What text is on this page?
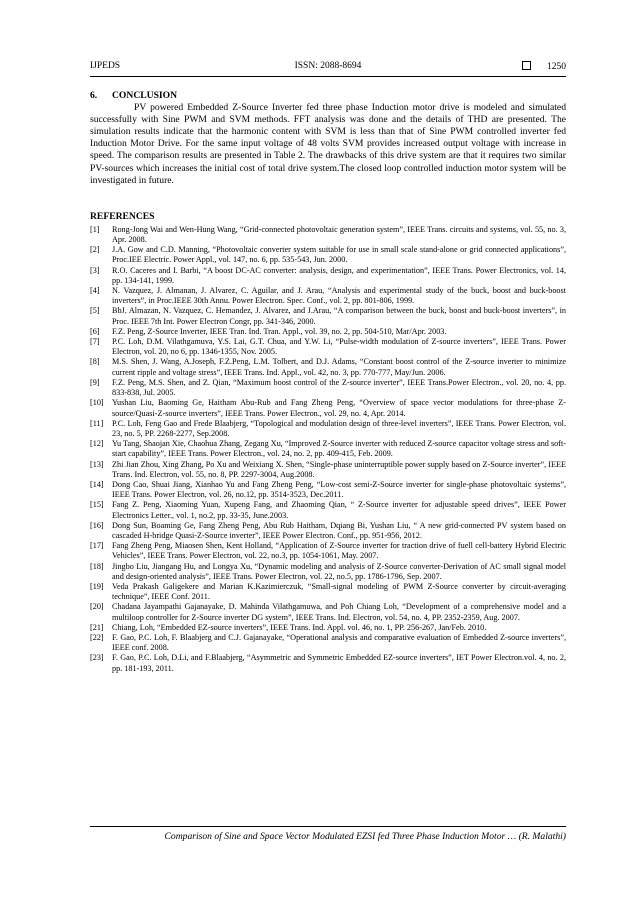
IJPEDS	ISSN: 2088-8694	1250

6. CONCLUSION

PV powered Embedded Z-Source Inverter fed three phase Induction motor drive is modeled and simulated successfully with Sine PWM and SVM methods. FFT analysis was done and the details of THD are presented. The simulation results indicate that the harmonic content with SVM is less than that of Sine PWM controlled inverter fed Induction Motor Drive. For the same input voltage of 48 volts SVM provides increased output voltage with increase in speed. The comparison results are presented in Table 2. The drawbacks of this drive system are that it requires two similar PV-sources which increases the initial cost of total drive system.The closed loop controlled induction motor system will be investigated in future.

REFERENCES

[1] Rong-Jong Wai and Wen-Hung Wang, “Grid-connected photovoltaic generation system”, IEEE Trans. circuits and systems, vol. 55, no. 3, Apr. 2008.

[2] J.A. Gow and C.D. Manning, “Photovoltaic converter system suitable for use in small scale stand-alone or grid connected applications”, Proc.IEE Electric. Power Appl., vol. 147, no. 6, pp. 535-543, Jun. 2000.

[3] R.O. Caceres and I. Barbi, “A boost DC-AC converter: analysis, design, and experimentation”, IEEE Trans. Power Electronics, vol. 14, pp. 134-141, 1999.

[4] N. Vazquez, J. Almanan, J. Alvarez, C. Aguilar, and J. Arau, “Analysis and experimental study of the buck, boost and buck-boost inverters”, in Proc.IEEE 30th Annu. Power Electron. Spec. Conf., vol. 2, pp. 801-806, 1999.

[5] BbJ. Almazan, N. Vazquez, C. Hemandez, J. Alvarez, and J.Arau, “A comparison between the buck, boost and buck-boost inverters”, in Proc. IEEE 7th Int. Power Electron Congr, pp. 341-346, 2000.

[6] F.Z. Peng, Z-Source Inverter, IEEE Tran. Ind. Tran. Appl., vol. 39, no. 2, pp. 504-510, Mar/Apr. 2003.

[7] P.C. Loh, D.M. Vilathgamuva, Y.S. Lai, G.T. Chua, and Y.W. Li, “Pulse-width modulation of Z-source inverters”, IEEE Trans. Power Electron, vol. 20, no 6, pp. 1346-1355, Nov. 2005.

[8] M.S. Shen, J. Wang, A.Joseph, F.Z.Peng, L.M. Tolbert, and D.J. Adams, “Constant boost control of the Z-source inverter to minimize current ripple and voltage stress”, IEEE Trans. Ind. Appl., vol. 42, no. 3, pp. 770-777, May/Jun. 2006.

[9] F.Z. Peng, M.S. Shen, and Z. Qian, “Maximum boost control of the Z-source inverter”, IEEE Trans.Power Electron., vol. 20, no. 4, pp. 833-838, Jul. 2005.

[10] Yushan Liu, Baoming Ge, Haitham Abu-Rub and Fang Zheng Peng, “Overview of space vector modulations for three-phase Z-source/Quasi-Z-source inverters”, IEEE Trans. Power Electron., vol. 29, no. 4, Apr. 2014.

[11] P.C. Loh, Feng Gao and Frede Blaabjerg, “Topological and modulation design of three-level inverters”, IEEE Trans. Power Electron, vol. 23, no. 5, PP. 2268-2277, Sep.2008.

[12] Yu Tang, Shaojan Xie, Chaohua Zhang, Zegang Xu, “Improved Z-Source inverter with reduced Z-source capacitor voltage stress and soft-start capability”, IEEE Trans. Power Electron., vol. 24, no. 2, pp. 409-415, Feb. 2009.

[13] Zhi Jian Zhou, Xing Zhang, Po Xu and Weixiang X. Shen, “Single-phase uninterruptible power supply based on Z-Source inverter”, IEEE Trans. Ind. Electron, vol. 55, no. 8, PP. 2297-3004, Aug.2008.

[14] Dong Cao, Shuai Jiang, Xianhao Yu and Fang Zheng Peng, “Low-cost semi-Z-Source inverter for single-phase photovoltaic systems”, IEEE Trans. Power Electron, vol. 26, no.12, pp. 3514-3523, Dec.2011.

[15] Fang Z. Peng, Xiaoming Yuan, Xupeng Fang, and Zhaoming Qian, “ Z-Source inverter for adjustable speed drives”, IEEE Power Electronics Letter., vol. 1, no.2, pp. 33-35, June.2003.

[16] Dong Sun, Boaming Ge, Fang Zheng Peng, Abu Rub Haitham, Dqiang Bi, Yushan Liu, “ A new grid-connected PV system based on cascaded H-bridge Quasi-Z-Source inverter”, IEEE Power Electron. Conf., pp. 951-956, 2012.

[17] Fang Zheng Peng, Miaosen Shen, Kent Holland, “Application of Z-Source inverter for traction drive of fuell cell-battery Hybrid Electric Vehicles”, IEEE Trans. Power Electron, vol. 22, no.3, pp. 1054-1061, May. 2007.

[18] Jingbo Liu, Jiangang Hu, and Longya Xu, “Dynamic modeling and analysis of Z-Source converter-Derivation of AC small signal model and design-oriented analysis”, IEEE Trans. Power Electron, vol. 22, no.5, pp. 1786-1796, Sep. 2007.

[19] Veda Prakash Galigekere and Marian K.Kazimierczuk, “Small-signal modeling of PWM Z-Source converter by circuit-averaging technique”, IEEE Conf. 2011.

[20] Chadana Jayampathi Gajanayake, D. Mahinda Vilathgamuwa, and Poh Chiang Loh, “Development of a comprehensive model and a multiloop controller for Z-Source inverter DG system”, IEEE Trans. Ind. Electron, vol. 54, no. 4, PP. 2352-2359, Aug. 2007.

[21] Chiang, Loh, “Embedded EZ-source inverters”, IEEE Trans. Ind. Appl. vol. 46, no. 1, PP. 256-267, Jan/Feb. 2010.

[22] F. Gao, P.C. Loh, F. Blaabjerg and C.J. Gajanayake, “Operational analysis and comparative evaluation of Embedded Z-source inverters”, IEEE conf. 2008.

[23] F. Gao, P.C. Loh, D.Li, and F.Blaabjerg, “Asymmetric and Symmetric Embedded EZ-source inverters”, IET Power Electron.vol. 4, no. 2, pp. 181-193, 2011.

Comparison of Sine and Space Vector Modulated EZSI fed Three Phase Induction Motor … (R. Malathi)
